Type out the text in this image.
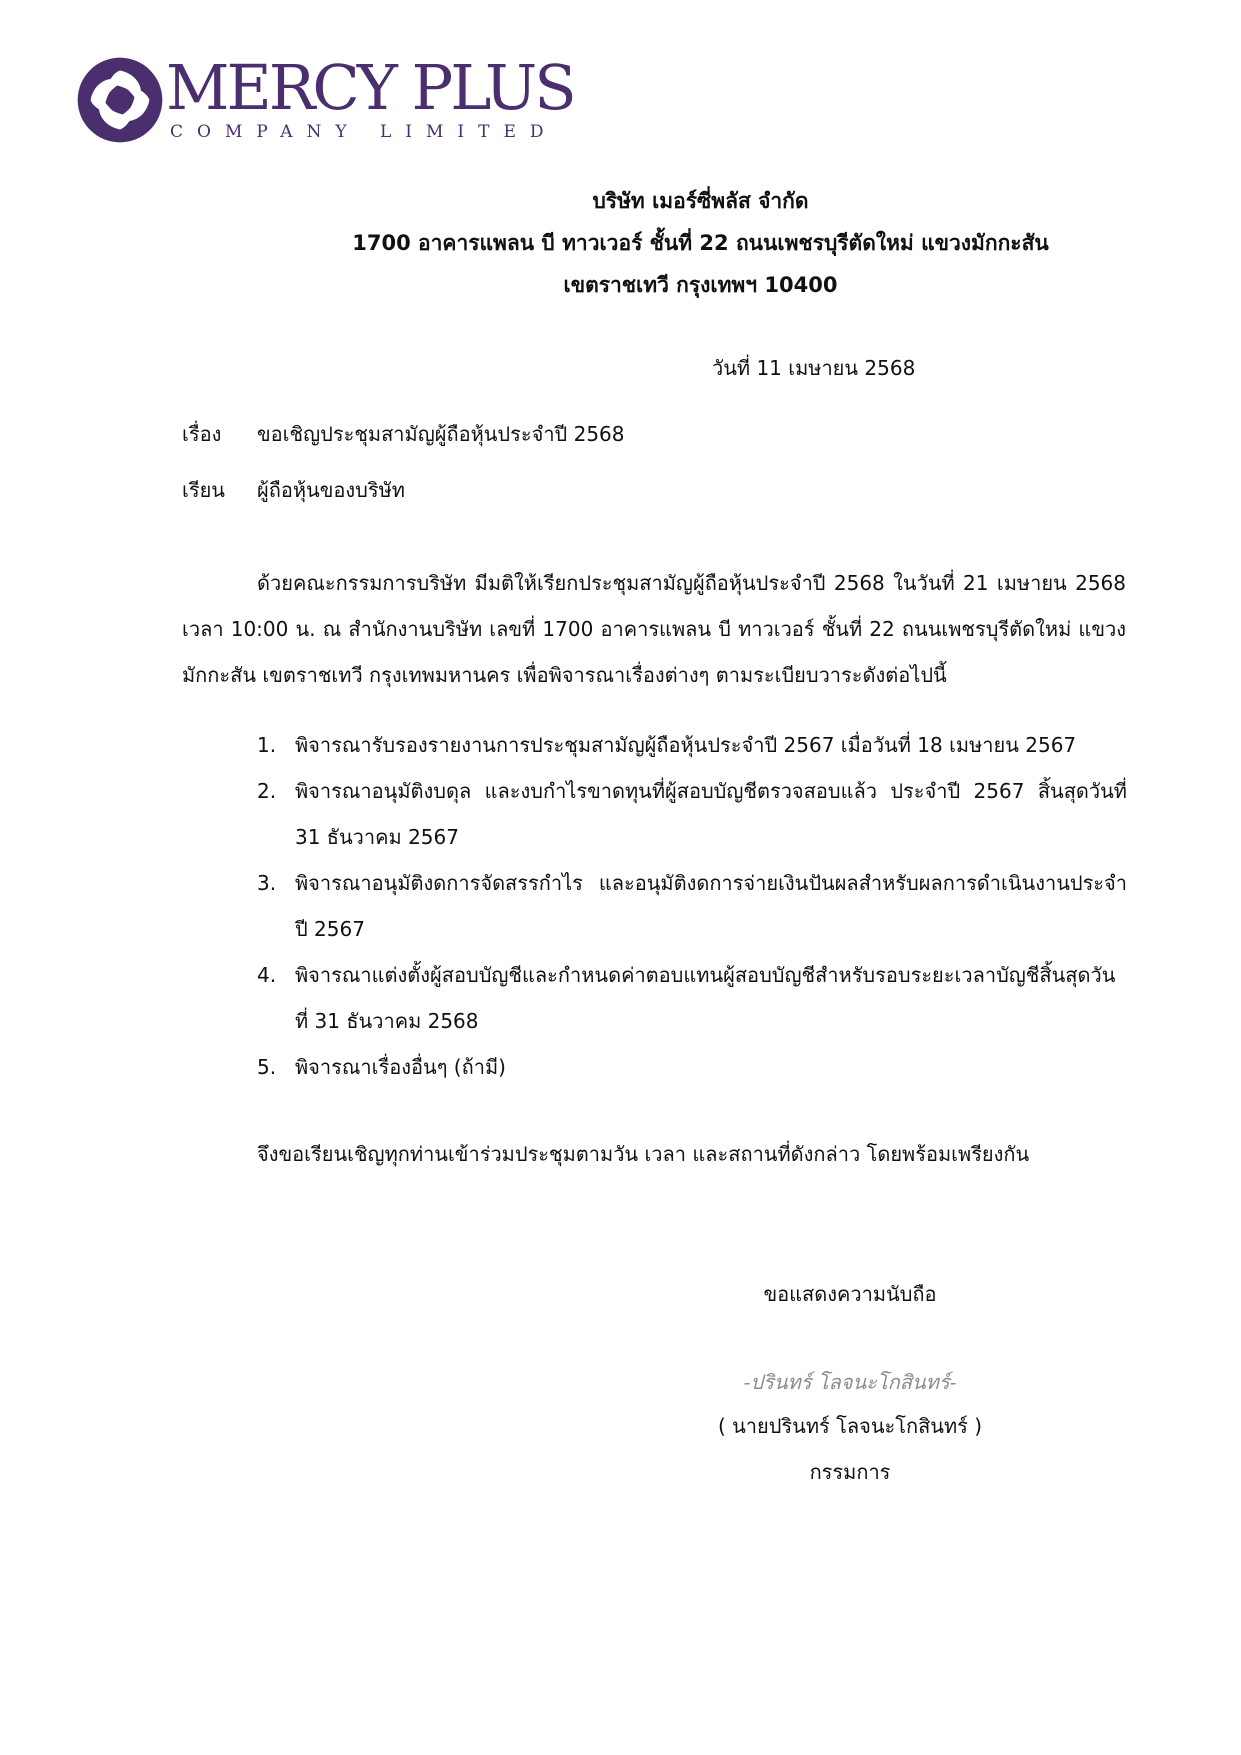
MERCY PLUS
COMPANY LIMITED
บริษัท เมอร์ซี่พลัส จำกัด
1700 อาคารแพลน บี ทาวเวอร์ ชั้นที่ 22 ถนนเพชรบุรีตัดใหม่ แขวงมักกะสัน
เขตราชเทวี กรุงเทพฯ 10400
วันที่ 11 เมษายน 2568
เรื่อง ขอเชิญประชุมสามัญผู้ถือหุ้นประจำปี 2568
เรียน ผู้ถือหุ้นของบริษัท
ด้วยคณะกรรมการบริษัท มีมติให้เรียกประชุมสามัญผู้ถือหุ้นประจำปี 2568 ในวันที่ 21 เมษายน 2568 เวลา 10:00 น. ณ สำนักงานบริษัท เลขที่ 1700 อาคารแพลน บี ทาวเวอร์ ชั้นที่ 22 ถนนเพชรบุรีตัดใหม่ แขวงมักกะสัน เขตราชเทวี กรุงเทพมหานคร เพื่อพิจารณาเรื่องต่างๆ ตามระเบียบวาระดังต่อไปนี้
1. พิจารณารับรองรายงานการประชุมสามัญผู้ถือหุ้นประจำปี 2567 เมื่อวันที่ 18 เมษายน 2567
2. พิจารณาอนุมัติงบดุล และงบกำไรขาดทุนที่ผู้สอบบัญชีตรวจสอบแล้ว ประจำปี 2567 สิ้นสุดวันที่ 31 ธันวาคม 2567
3. พิจารณาอนุมัติงดการจัดสรรกำไร และอนุมัติงดการจ่ายเงินปันผลสำหรับผลการดำเนินงานประจำปี 2567
4. พิจารณาแต่งตั้งผู้สอบบัญชีและกำหนดค่าตอบแทนผู้สอบบัญชีสำหรับรอบระยะเวลาบัญชีสิ้นสุดวันที่ 31 ธันวาคม 2568
5. พิจารณาเรื่องอื่นๆ (ถ้ามี)
จึงขอเรียนเชิญทุกท่านเข้าร่วมประชุมตามวัน เวลา และสถานที่ดังกล่าว โดยพร้อมเพรียงกัน
ขอแสดงความนับถือ
-ปรินทร์ โลจนะโกสินทร์-
( นายปรินทร์ โลจนะโกสินทร์ )
กรรมการ
